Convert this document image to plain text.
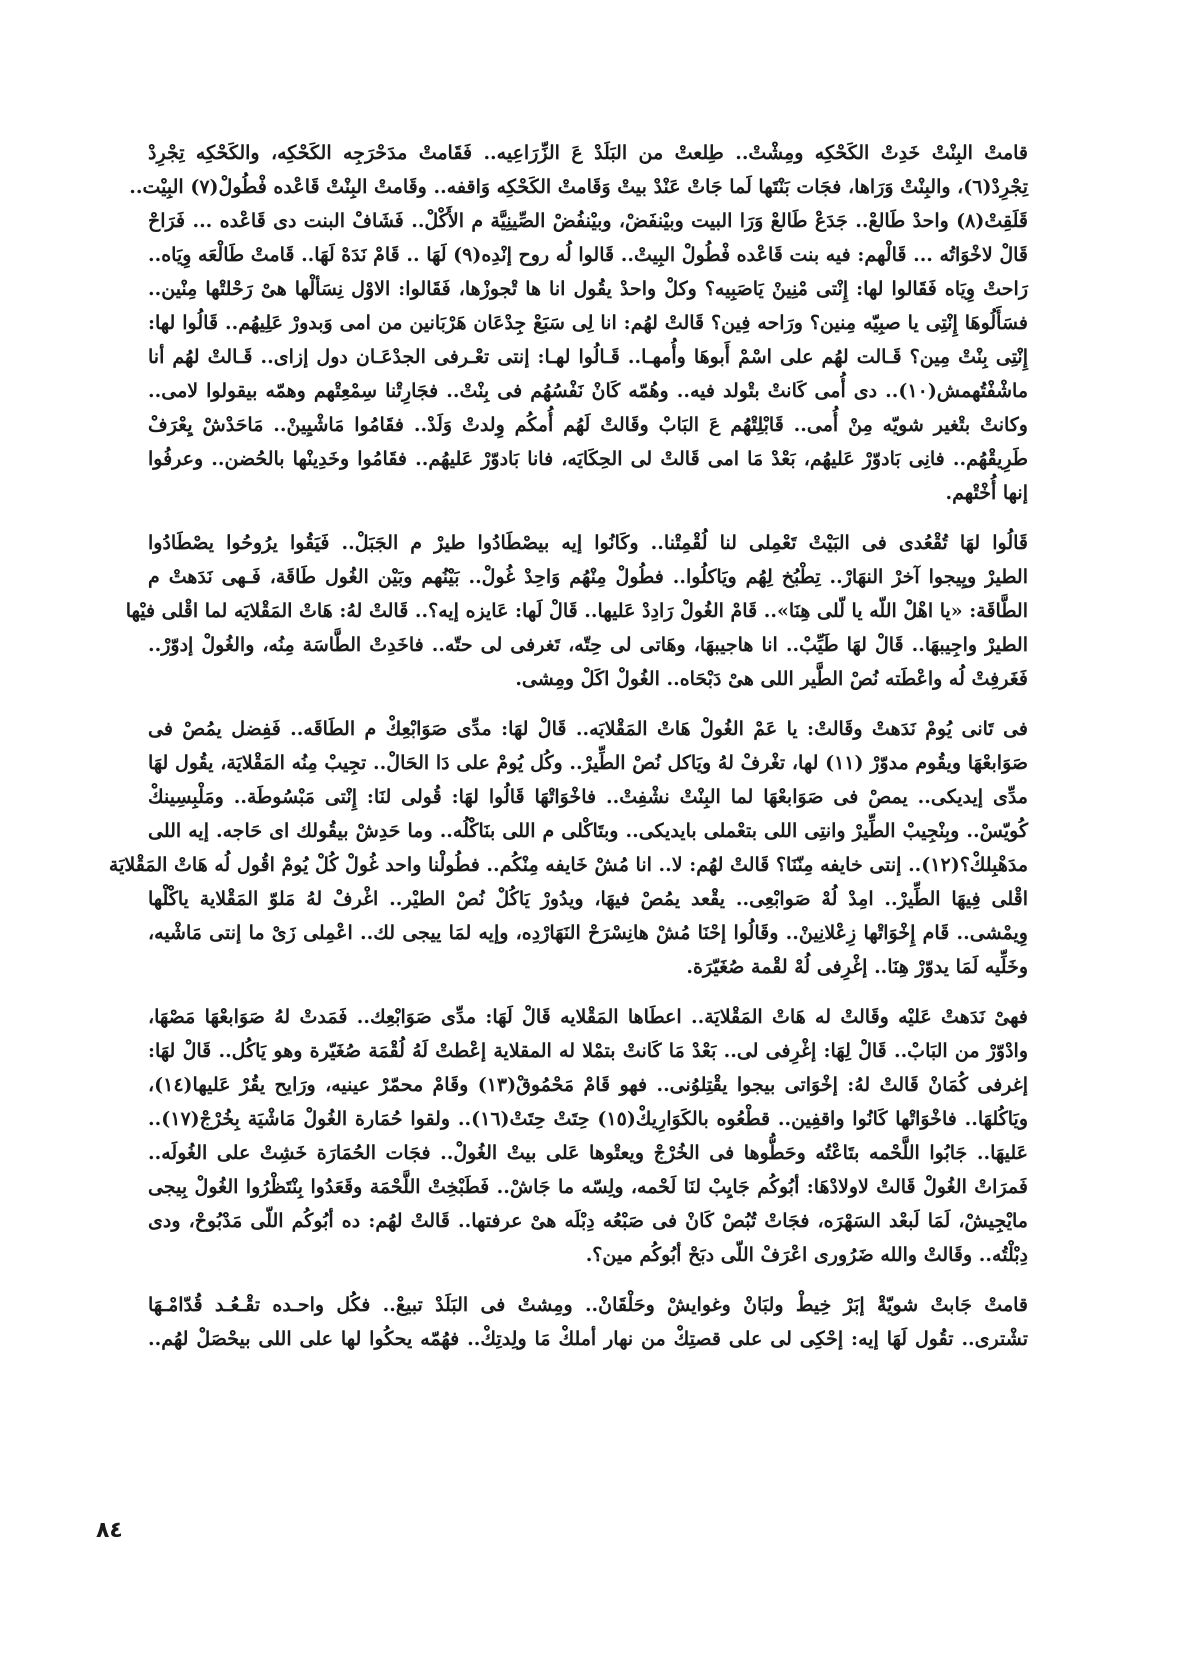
قامتْ البِنْتْ خَدِتْ الكَحْكِه ومِشْتْ.. طِلعتْ من البَلَدْ عَ الزِّرَاعِيه.. فَقَامتْ مدَحْرَجِه الكَحْكِه، والكَحْكِه تِجْرِدْ
تِجْرِدْ(٦)، والبِنْتْ وَرَاها، فجَات بَنْتَها لَما جَاتْ عَنْدْ بيتْ وَقَامتْ الكَحْكِه وَاقفه.. وقَامتْ البِنْتْ قَاعْده فْطُولْ(٧) البِيْت..
قَلَقِتْ(٨) واحدْ طَالعْ.. جَدَعْ طَالعْ وَرَا البيت وبيْنفَضْ، وبيْنفُضْ الصِّينِيَّة م الأَكْلْ.. فَشَافْ البنت دى قَاعْده ... فَرَاحْ
قَالْ لاخْوَاتُه ... قَالْهم: فيه بنت قَاعْده فْطُولْ البِيتْ.. قَالوا لُه روح إنْدِه(٩) لَهَا .. قَامْ نَدَهْ لَهَا.. قَامتْ طَالْعَه وِيَاه..
رَاحتْ وِيَاه فَقَالوا لها: إِنْتى مْنِينْ يَاصَبِيه؟ وكلْ واحدْ يقُول انا ها تْجوزْها، فَقَالوا: الاوْل نِسَألْها هىْ رَحْلتْها مِنْين..
فسَأَلُوهَا إِنْتِى يا صبِيّه مِنين؟ ورَاحه فِين؟ قَالتْ لهُم: انا لِى سَبَعْ جِدْعَان هَرْبَانين من امى وَبدورْ عَلِيهُم.. قَالُوا لها:
إِنْتِى بِنْتْ مِين؟ قَـالت لهُم على اسْمْ أَبوهَا وأُمهـا.. قَـالُوا لهـا: إنتى تعْـرفى الجدْعَـان دول إزاى.. قَـالتْ لهُم أنا
ماشْفْتُهمش(١٠).. دى أُمى كَانتْ بتْولد فيه.. وهُمّه كَانْ نَفْسُهُم فى بِنْتْ.. فجَارِتْنا سِمْعِتْهم وهمّه بيقولوا لامى..
وكانتْ بتْغير شويّه مِنْ أُمى.. قَابْلِتْهُم عَ البَابْ وقَالتْ لَهُم أُمكُم وِلدتْ وَلَدْ.. فقَامُوا مَاشْيِينْ.. مَاحَدْشْ يِعْرَفْ
طَرِيقْهُم.. فانِى بَادوّرْ عَليهُم، بَعْدْ مَا امى قَالتْ لى الحِكَايَه، فانا بَادوّرْ عَليهُم.. فقَامُوا وخَدِينْها بالحُضن.. وعرفُوا
إنها أُخْتْهم.

قَالُوا لهَا تُقْعُدى فى البَيْتْ تَعْمِلى لنا لُقْمِتْنا.. وكَانُوا إيه بيصْطَادُوا طيرْ م الجَبَلْ.. فَيَقُوا يرُوحُوا يصْطَادُوا
الطيرْ ويِيجوا آخرْ النهَارْ.. تِطْبُخ لِهُم ويَاكلُوا.. فطُولْ مِنْهُم وَاحِدْ غُولْ.. بَيْنُهم وبَيْن الغُول طَاقَة، فَـهى نَدَهتْ م
الطَّاقَة: «يا اهْلْ اللّه يا لّلى هِنَا».. قَامْ الغُولْ رَادِدْ عَليها.. قَالْ لَها: عَايزه إيه؟.. قَالتْ لهُ: هَاتْ المَقْلايَه لما اقْلى فيْها
الطيرْ واجِيبهَا.. قَالْ لهَا طَيِّبْ.. انا هاجيبهَا، وهَاتى لى حِتّه، تَغرفى لى حتّه.. فاخَدِتْ الطَّاسَة مِنُه، والغُولْ إدوّرْ..
فَغَرفِتْ لُه واعْطَته نُصْ الطَّير اللى هىْ دَبْحَاه.. الغُولْ اكَلْ ومِشى.

فى تَانى يُومْ نَدَهتْ وقَالتْ: يا عَمْ الغُولْ هَاتْ المَقْلايَه.. قَالْ لهَا: مدِّى صَوَابْعِكْ م الطَاقَه.. فَفِضل يمُصْ فى
صَوَابعْهَا ويقُوم مدوّرْ (١١) لها، تغْرفْ لهُ ويَاكل نُصْ الطِّيرْ.. وكُل يُومْ على دَا الحَالْ.. تجِيبْ مِنُه المَقْلايَة، يقُول لهَا
مدِّى إيديكى.. يمصْ فى صَوَابعْهَا لما البِنْتْ نشْفِتْ.. فاخْوَاتْهَا قَالُوا لهَا: قُولى لنَا: إِنْتى مَبْسُوطَة.. ومَلْبِسِينكْ
كُويّسْ.. وبِنْجِيبْ الطِّيرْ وانتِى اللى بتعْملى بايديكى.. وبتَاكْلى م اللى بنَاكْلُه.. وما حَدِشْ بيقُولك اى حَاجه. إيه اللى
مدَهْبِلكْ؟(١٢).. إنتى خايفه مِنّنَا؟ قَالتْ لهُم: لا.. انا مُشْ خَايفه مِنْكُم.. فطُولْنا واحد غُولْ كُلْ يُومْ اقُول لُه هَاتْ المَقْلايَة
اقْلى فِيهَا الطِّيرْ.. امِدْ لُهْ صَوابْعِى.. يقْعد يمُصْ فيهَا، ويدُورْ يَاكُلْ نُصْ الطيْر.. اغْرفْ لهُ مَلوّ المَقْلاية ياكْلْها
وِيمْشى.. قَام إِخْوَاتْها زِعْلانِينْ.. وقَالُوا إحْنَا مُشْ هانِسْرَحْ النَهَارْدِه، وإيه لمَا ييجى لك.. اعْمِلى زَىْ ما إنتى مَاشْيه،
وخَلِّيه لَمَا يدوّرْ هِنَا.. إغْرِفى لُهْ لقْمة صُغَيّرَة.

فهىْ نَدَهتْ عَليْه وقَالتْ له هَاتْ المَقْلايَة.. اعطَاها المَقْلايه قَالْ لَهَا: مدِّى صَوَابْعِك.. فَمَدتْ لهُ صَوَابعْهَا مَصْهَا،
وادْوّرْ من البَابْ.. قَالْ لِهَا: إغْرِفى لى.. بَعْدْ مَا كَانتْ بتمْلا له المقلاية إعْطتْ لَهُ لُقْمَة صُغَيّرة وهو يَاكُل.. قَالْ لهَا:
إغرفى كُمَانْ قَالتْ لهُ: إخْوَاتى بيجوا يقْتِلوُنى.. فهو قَامْ مَحْمُوقْ(١٣) وقَامْ محمّرْ عينيه، ورَايح يقُرْ عَليها(١٤)،
ويَاكُلهَا.. فاخْوَاتْها كَانُوا واقفِين.. قطْعُوه بالكَوَارِيكْ(١٥) حِتَتْ حِتَتْ(١٦).. ولقوا حُمَارة الغُولْ مَاشْيَة بِخُرْجْ(١٧)..
عَليهَا.. جَابُوا اللَّحْمه بتَاعْتُه وحَطُّوها فى الخُرْجْ ويعتْوها عَلى بيتْ الغُولْ.. فجَات الحُمَارَة خَشِتْ على الغُولَه..
فَمرَاتْ الغُولْ قَالتْ لاولادْهَا: أبُوكُم جَايِبْ لنَا لَحْمه، ولِسّه ما جَاشْ.. فَطَبْخِتْ اللَّحْمَة وقَعَدُوا بِنْتَظْرُوا الغُولْ بِيجى
مايْجِيشْ، لَمَا لَبعْد السَهْرَه، فجَاتْ تُبُصْ كَانْ فى صَبْعُه دِبْلَه هىْ عرفتها.. قَالتْ لهُم: ده أبُوكُم اللّى مَدْبُوحْ، ودى
دِبْلْتُه.. وقَالتْ والله ضَرُورى اعْرَفْ اللّى دبَحْ أبُوكُم مين؟.

قامتْ جَابتْ شويّةْ إبَرْ خِيطْ ولبَانْ وغوايشْ وحَلْقَانْ.. ومِشتْ فى البَلَدْ تبيعْ.. فكُل واحـده تقْـعُـد قُدّامْـهَا
تشْترى.. تقُول لَهَا إيه: إحْكِى لى على قصتِكْ من نهار أملكْ مَا ولِدتِكْ.. فهُمّه يحكُوا لها على اللى بيحْصَلْ لهُم..

٨٤
